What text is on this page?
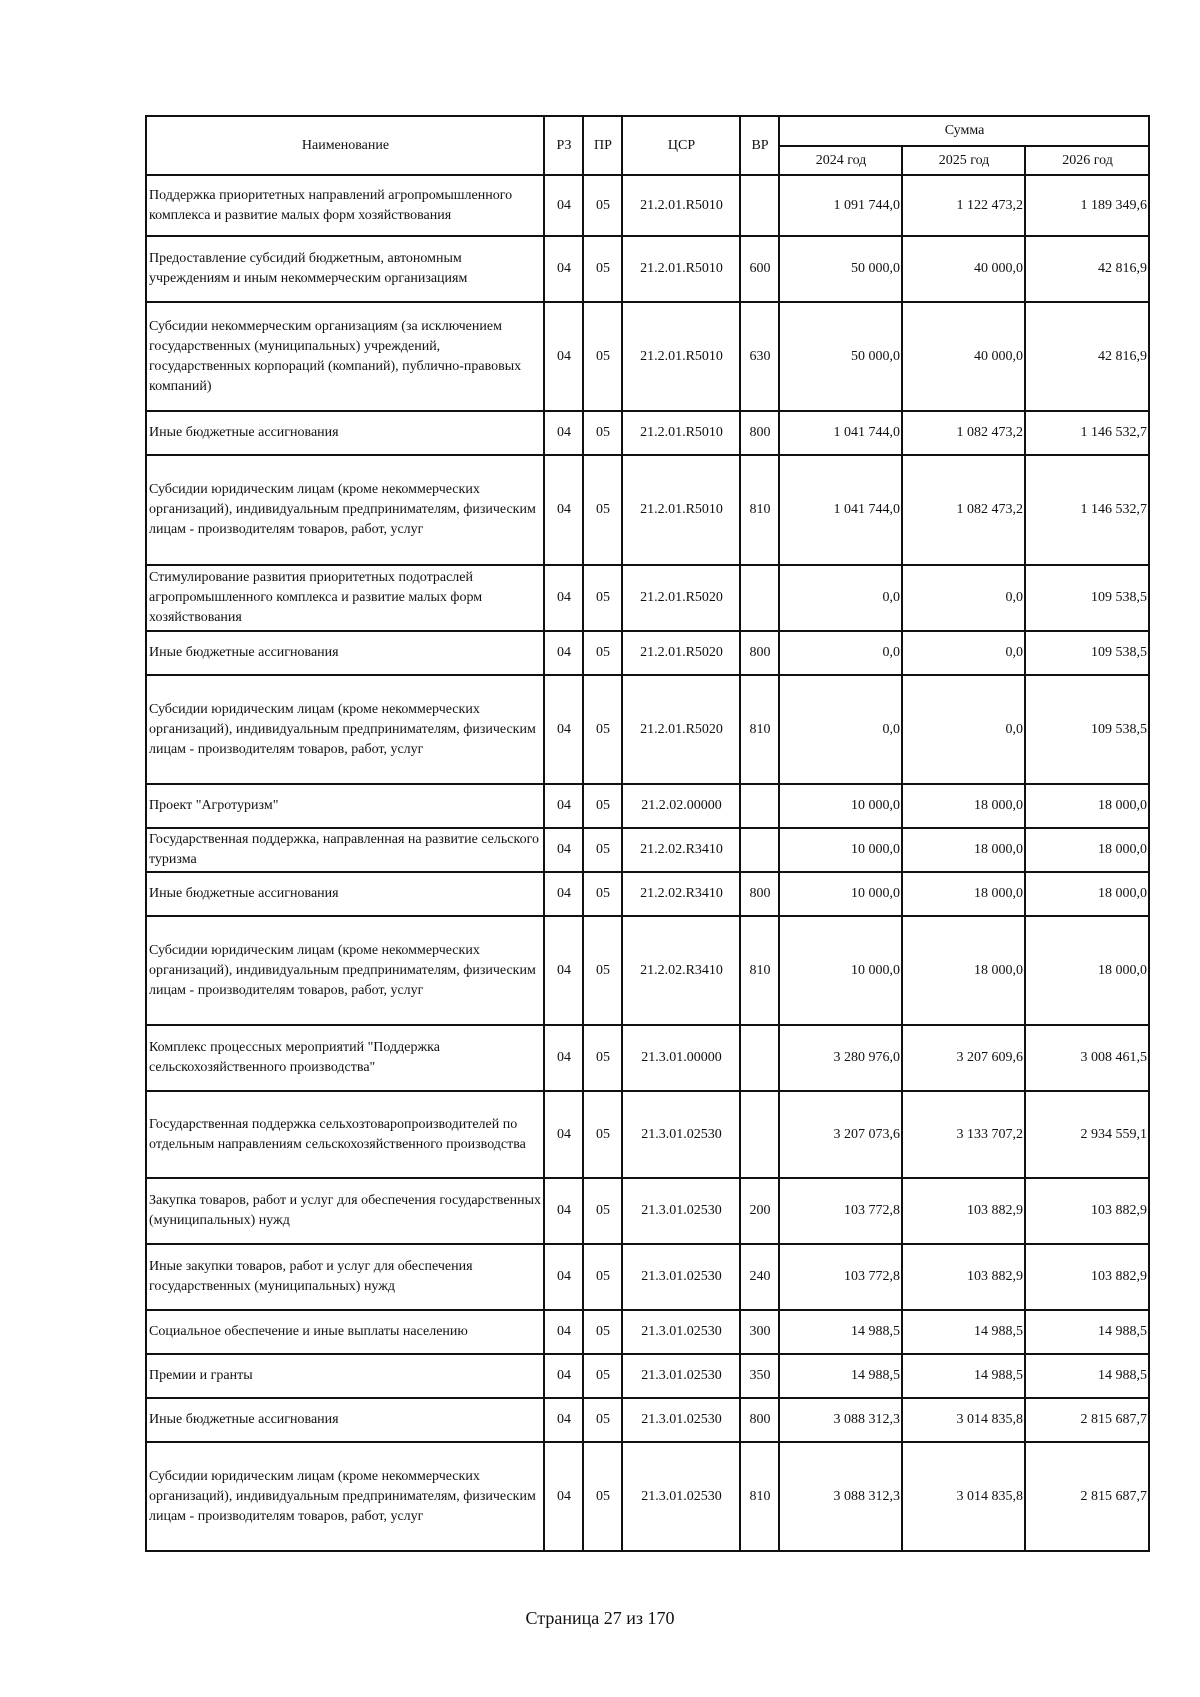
Наименование	РЗ	ПР	ЦСР	ВР	Сумма		
					2024 год	2025 год	2026 год
Поддержка приоритетных направлений агропромышленного комплекса и развитие малых форм хозяйствования	04	05	21.2.01.R5010		1 091 744,0	1 122 473,2	1 189 349,6
Предоставление субсидий бюджетным, автономным учреждениям и иным некоммерческим организациям	04	05	21.2.01.R5010	600	50 000,0	40 000,0	42 816,9
Субсидии некоммерческим организациям (за исключением государственных (муниципальных) учреждений, государственных корпораций (компаний), публично-правовых компаний)	04	05	21.2.01.R5010	630	50 000,0	40 000,0	42 816,9
Иные бюджетные ассигнования	04	05	21.2.01.R5010	800	1 041 744,0	1 082 473,2	1 146 532,7
Субсидии юридическим лицам (кроме некоммерческих организаций), индивидуальным предпринимателям, физическим лицам - производителям товаров, работ, услуг	04	05	21.2.01.R5010	810	1 041 744,0	1 082 473,2	1 146 532,7
Стимулирование развития приоритетных подотраслей агропромышленного комплекса и развитие малых форм хозяйствования	04	05	21.2.01.R5020		0,0	0,0	109 538,5
Иные бюджетные ассигнования	04	05	21.2.01.R5020	800	0,0	0,0	109 538,5
Субсидии юридическим лицам (кроме некоммерческих организаций), индивидуальным предпринимателям, физическим лицам - производителям товаров, работ, услуг	04	05	21.2.01.R5020	810	0,0	0,0	109 538,5
Проект "Агротуризм"	04	05	21.2.02.00000		10 000,0	18 000,0	18 000,0
Государственная поддержка, направленная на развитие сельского туризма	04	05	21.2.02.R3410		10 000,0	18 000,0	18 000,0
Иные бюджетные ассигнования	04	05	21.2.02.R3410	800	10 000,0	18 000,0	18 000,0
Субсидии юридическим лицам (кроме некоммерческих организаций), индивидуальным предпринимателям, физическим лицам - производителям товаров, работ, услуг	04	05	21.2.02.R3410	810	10 000,0	18 000,0	18 000,0
Комплекс процессных мероприятий "Поддержка сельскохозяйственного производства"	04	05	21.3.01.00000		3 280 976,0	3 207 609,6	3 008 461,5
Государственная поддержка сельхозтоваропроизводителей по отдельным направлениям сельскохозяйственного производства	04	05	21.3.01.02530		3 207 073,6	3 133 707,2	2 934 559,1
Закупка товаров, работ и услуг для обеспечения государственных (муниципальных) нужд	04	05	21.3.01.02530	200	103 772,8	103 882,9	103 882,9
Иные закупки товаров, работ и услуг для обеспечения государственных (муниципальных) нужд	04	05	21.3.01.02530	240	103 772,8	103 882,9	103 882,9
Социальное обеспечение и иные выплаты населению	04	05	21.3.01.02530	300	14 988,5	14 988,5	14 988,5
Премии и гранты	04	05	21.3.01.02530	350	14 988,5	14 988,5	14 988,5
Иные бюджетные ассигнования	04	05	21.3.01.02530	800	3 088 312,3	3 014 835,8	2 815 687,7
Субсидии юридическим лицам (кроме некоммерческих организаций), индивидуальным предпринимателям, физическим лицам - производителям товаров, работ, услуг	04	05	21.3.01.02530	810	3 088 312,3	3 014 835,8	2 815 687,7
Страница 27 из 170
